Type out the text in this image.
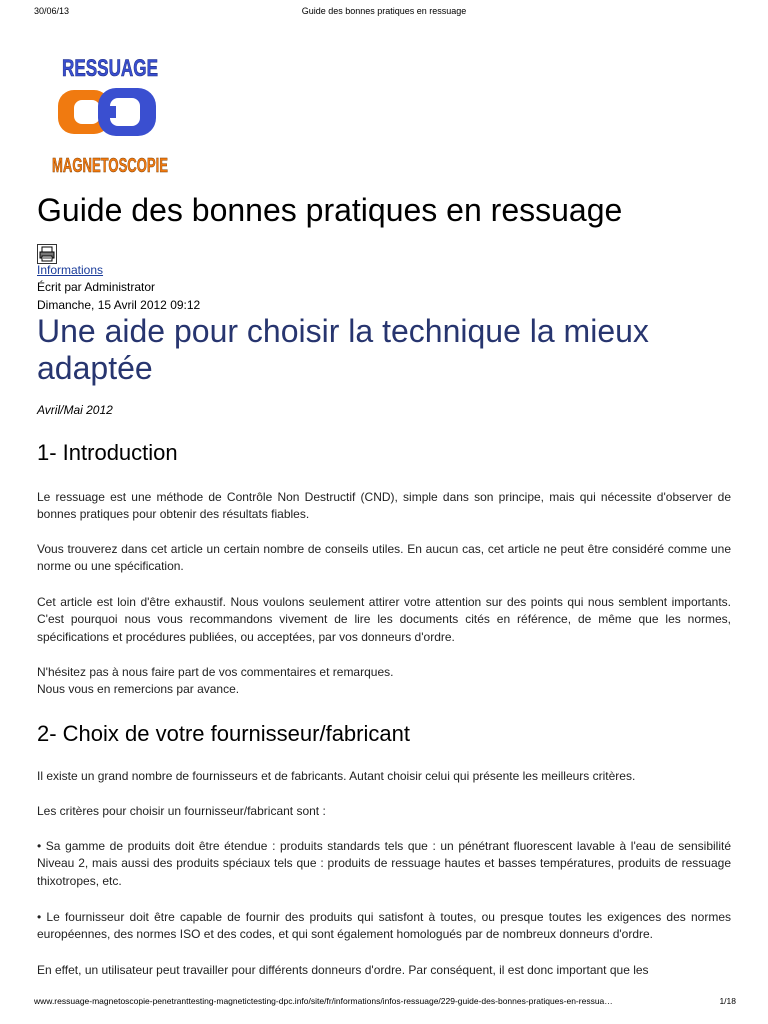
30/06/13	Guide des bonnes pratiques en ressuage
RESSUAGE
MAGNETOSCOPIE
CD
Guide des bonnes pratiques en ressuage
Informations
Écrit par Administrator
Dimanche, 15 Avril 2012 09:12
Une aide pour choisir la technique la mieux adaptée
Avril/Mai 2012
1- Introduction

Le ressuage est une méthode de Contrôle Non Destructif (CND), simple dans son principe, mais qui nécessite d'observer de bonnes pratiques pour obtenir des résultats fiables.

Vous trouverez dans cet article un certain nombre de conseils utiles. En aucun cas, cet article ne peut être considéré comme une norme ou une spécification.

Cet article est loin d'être exhaustif. Nous voulons seulement attirer votre attention sur des points qui nous semblent importants. C'est pourquoi nous vous recommandons vivement de lire les documents cités en référence, de même que les normes, spécifications et procédures publiées, ou acceptées, par vos donneurs d'ordre.

N'hésitez pas à nous faire part de vos commentaires et remarques.

Nous vous en remercions par avance.

2- Choix de votre fournisseur/fabricant

Il existe un grand nombre de fournisseurs et de fabricants. Autant choisir celui qui présente les meilleurs critères.

Les critères pour choisir un fournisseur/fabricant sont :

• Sa gamme de produits doit être étendue : produits standards tels que : un pénétrant fluorescent lavable à l'eau de sensibilité Niveau 2, mais aussi des produits spéciaux tels que : produits de ressuage hautes et basses températures, produits de ressuage thixotropes, etc.

• Le fournisseur doit être capable de fournir des produits qui satisfont à toutes, ou presque toutes les exigences des normes européennes, des normes ISO et des codes, et qui sont également homologués par de nombreux donneurs d'ordre.

En effet, un utilisateur peut travailler pour différents donneurs d'ordre. Par conséquent, il est donc important que les

www.ressuage-magnetoscopie-penetranttesting-magnetictesting-dpc.info/site/fr/informations/infos-ressuage/229-guide-des-bonnes-pratiques-en-ressua…	1/18
